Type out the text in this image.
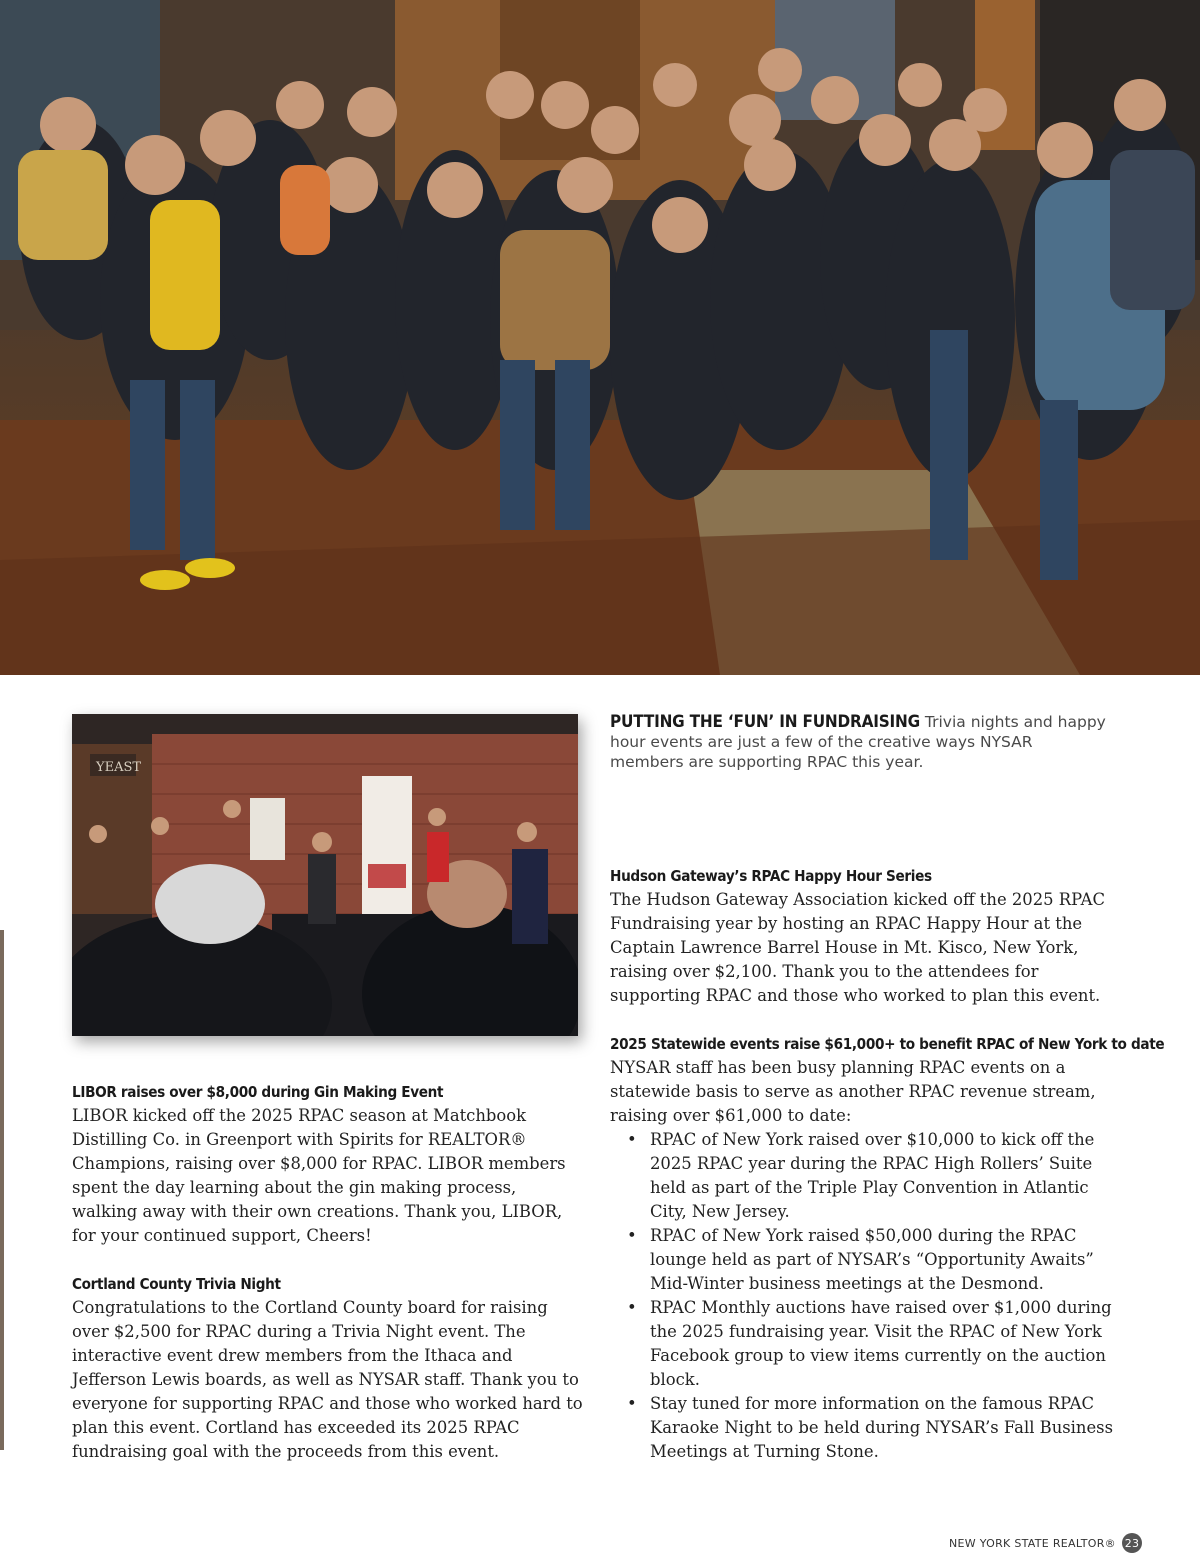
YEAST
PUTTING THE ‘FUN’ IN FUNDRAISING Trivia nights and happy hour events are just a few of the creative ways NYSAR members are supporting RPAC this year.

LIBOR raises over $8,000 during Gin Making Event

LIBOR kicked off the 2025 RPAC season at Matchbook Distilling Co. in Greenport with Spirits for REALTOR® Champions, raising over $8,000 for RPAC. LIBOR members spent the day learning about the gin making process, walking away with their own creations. Thank you, LIBOR, for your continued support, Cheers!

Cortland County Trivia Night

Congratulations to the Cortland County board for raising over $2,500 for RPAC during a Trivia Night event. The interactive event drew members from the Ithaca and Jefferson Lewis boards, as well as NYSAR staff. Thank you to everyone for supporting RPAC and those who worked hard to plan this event. Cortland has exceeded its 2025 RPAC fundraising goal with the proceeds from this event.

Hudson Gateway’s RPAC Happy Hour Series

The Hudson Gateway Association kicked off the 2025 RPAC Fundraising year by hosting an RPAC Happy Hour at the Captain Lawrence Barrel House in Mt. Kisco, New York, raising over $2,100. Thank you to the attendees for supporting RPAC and those who worked to plan this event.

2025 Statewide events raise $61,000+ to benefit RPAC of New York to date

NYSAR staff has been busy planning RPAC events on a statewide basis to serve as another RPAC revenue stream, raising over $61,000 to date:

• RPAC of New York raised over $10,000 to kick off the 2025 RPAC year during the RPAC High Rollers’ Suite held as part of the Triple Play Convention in Atlantic City, New Jersey.
• RPAC of New York raised $50,000 during the RPAC lounge held as part of NYSAR’s “Opportunity Awaits” Mid-Winter business meetings at the Desmond.
• RPAC Monthly auctions have raised over $1,000 during the 2025 fundraising year. Visit the RPAC of New York Facebook group to view items currently on the auction block.
• Stay tuned for more information on the famous RPAC Karaoke Night to be held during NYSAR’s Fall Business Meetings at Turning Stone.
NEW YORK STATE REALTOR® 23
